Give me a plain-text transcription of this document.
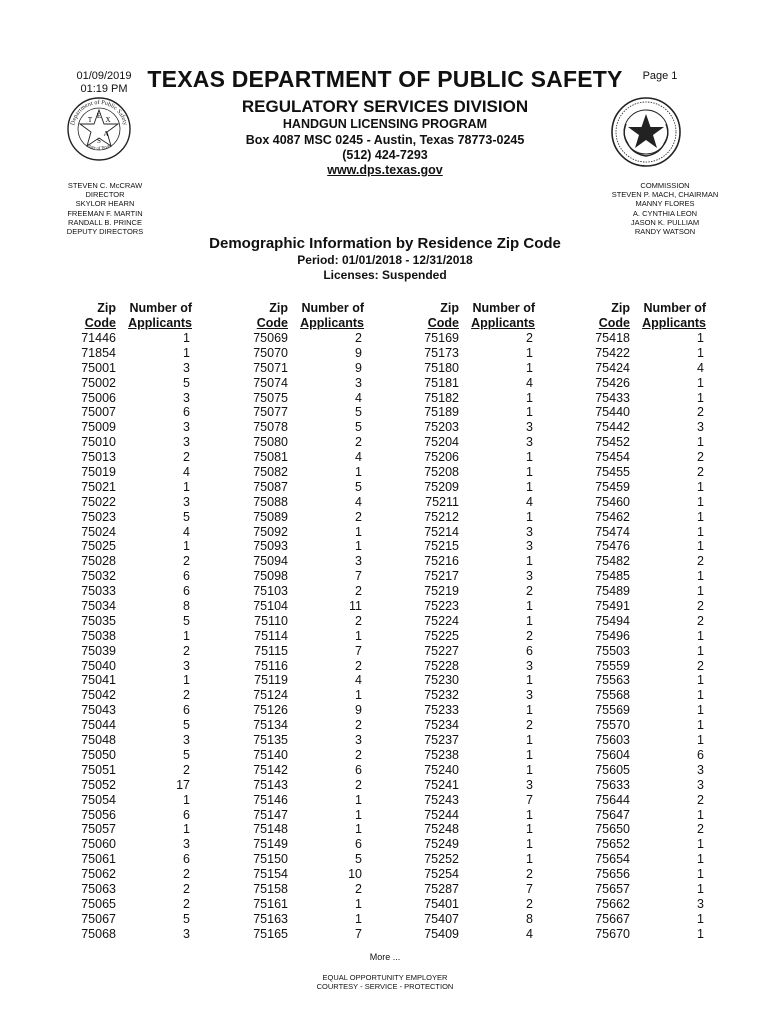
01/09/2019
01:19 PM
Page 1
TEXAS DEPARTMENT OF PUBLIC SAFETY
REGULATORY SERVICES DIVISION
HANDGUN LICENSING PROGRAM
Box 4087 MSC 0245 - Austin, Texas 78773-0245
(512) 424-7293
www.dps.texas.gov
Department of Public Safety
State of Texas
T E X
A
S
STEVEN C. McCRAW
DIRECTOR
SKYLOR HEARN
FREEMAN F. MARTIN
RANDALL B. PRINCE
DEPUTY DIRECTORS
COMMISSION
STEVEN P. MACH, CHAIRMAN
MANNY FLORES
A. CYNTHIA LEON
JASON K. PULLIAM
RANDY WATSON
Demographic Information by Residence Zip Code
Period: 01/01/2018 - 12/31/2018
Licenses: Suspended
Zip
Code
Number of
Applicants
71446	1
71854	1
75001	3
75002	5
75006	3
75007	6
75009	3
75010	3
75013	2
75019	4
75021	1
75022	3
75023	5
75024	4
75025	1
75028	2
75032	6
75033	6
75034	8
75035	5
75038	1
75039	2
75040	3
75041	1
75042	2
75043	6
75044	5
75048	3
75050	5
75051	2
75052	17
75054	1
75056	6
75057	1
75060	3
75061	6
75062	2
75063	2
75065	2
75067	5
75068	3
Zip
Code
Number of
Applicants
75069	2
75070	9
75071	9
75074	3
75075	4
75077	5
75078	5
75080	2
75081	4
75082	1
75087	5
75088	4
75089	2
75092	1
75093	1
75094	3
75098	7
75103	2
75104	11
75110	2
75114	1
75115	7
75116	2
75119	4
75124	1
75126	9
75134	2
75135	3
75140	2
75142	6
75143	2
75146	1
75147	1
75148	1
75149	6
75150	5
75154	10
75158	2
75161	1
75163	1
75165	7
Zip
Code
Number of
Applicants
75169	2
75173	1
75180	1
75181	4
75182	1
75189	1
75203	3
75204	3
75206	1
75208	1
75209	1
75211	4
75212	1
75214	3
75215	3
75216	1
75217	3
75219	2
75223	1
75224	1
75225	2
75227	6
75228	3
75230	1
75232	3
75233	1
75234	2
75237	1
75238	1
75240	1
75241	3
75243	7
75244	1
75248	1
75249	1
75252	1
75254	2
75287	7
75401	2
75407	8
75409	4
Zip
Code
Number of
Applicants
75418	1
75422	1
75424	4
75426	1
75433	1
75440	2
75442	3
75452	1
75454	2
75455	2
75459	1
75460	1
75462	1
75474	1
75476	1
75482	2
75485	1
75489	1
75491	2
75494	2
75496	1
75503	1
75559	2
75563	1
75568	1
75569	1
75570	1
75603	1
75604	6
75605	3
75633	3
75644	2
75647	1
75650	2
75652	1
75654	1
75656	1
75657	1
75662	3
75667	1
75670	1
More ...
EQUAL OPPORTUNITY EMPLOYER
COURTESY - SERVICE - PROTECTION
